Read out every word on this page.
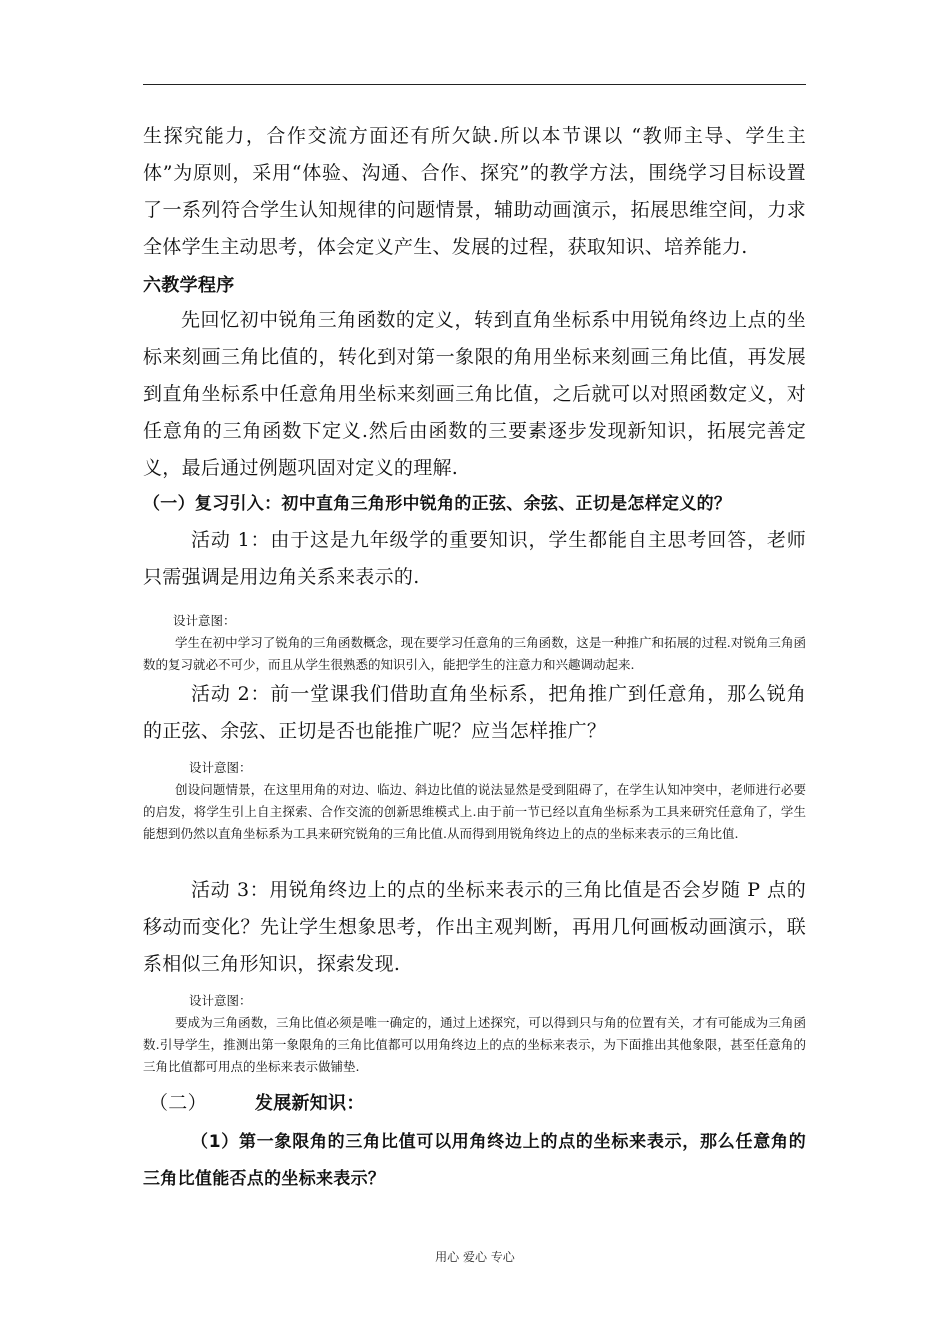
生探究能力，合作交流方面还有所欠缺.所以本节课以 “教师主导、学生主体”为原则，采用“体验、沟通、合作、探究”的教学方法，围绕学习目标设置了一系列符合学生认知规律的问题情景，辅助动画演示，拓展思维空间，力求全体学生主动思考，体会定义产生、发展的过程，获取知识、培养能力.

六教学程序

先回忆初中锐角三角函数的定义，转到直角坐标系中用锐角终边上点的坐标来刻画三角比值的，转化到对第一象限的角用坐标来刻画三角比值，再发展到直角坐标系中任意角用坐标来刻画三角比值，之后就可以对照函数定义，对任意角的三角函数下定义.然后由函数的三要素逐步发现新知识，拓展完善定义，最后通过例题巩固对定义的理解.

（一）复习引入：初中直角三角形中锐角的正弦、余弦、正切是怎样定义的？

活动 1：由于这是九年级学的重要知识，学生都能自主思考回答，老师只需强调是用边角关系来表示的.

设计意图：

学生在初中学习了锐角的三角函数概念，现在要学习任意角的三角函数，这是一种推广和拓展的过程.对锐角三角函数的复习就必不可少，而且从学生很熟悉的知识引入，能把学生的注意力和兴趣调动起来.

活动 2：前一堂课我们借助直角坐标系，把角推广到任意角，那么锐角的正弦、余弦、正切是否也能推广呢？应当怎样推广？

设计意图：

创设问题情景，在这里用角的对边、临边、斜边比值的说法显然是受到阻碍了，在学生认知冲突中，老师进行必要的启发，将学生引上自主探索、合作交流的创新思维模式上.由于前一节已经以直角坐标系为工具来研究任意角了，学生能想到仍然以直角坐标系为工具来研究锐角的三角比值.从而得到用锐角终边上的点的坐标来表示的三角比值.

活动 3：用锐角终边上的点的坐标来表示的三角比值是否会岁随 P 点的移动而变化？先让学生想象思考，作出主观判断，再用几何画板动画演示，联系相似三角形知识，探索发现.

设计意图：

要成为三角函数，三角比值必须是唯一确定的，通过上述探究，可以得到只与角的位置有关，才有可能成为三角函数.引导学生，推测出第一象限角的三角比值都可以用角终边上的点的坐标来表示，为下面推出其他象限，甚至任意角的三角比值都可用点的坐标来表示做铺垫.

（二）	发展新知识：

（1）第一象限角的三角比值可以用角终边上的点的坐标来表示，那么任意角的三角比值能否点的坐标来表示？

用心 爱心 专心
